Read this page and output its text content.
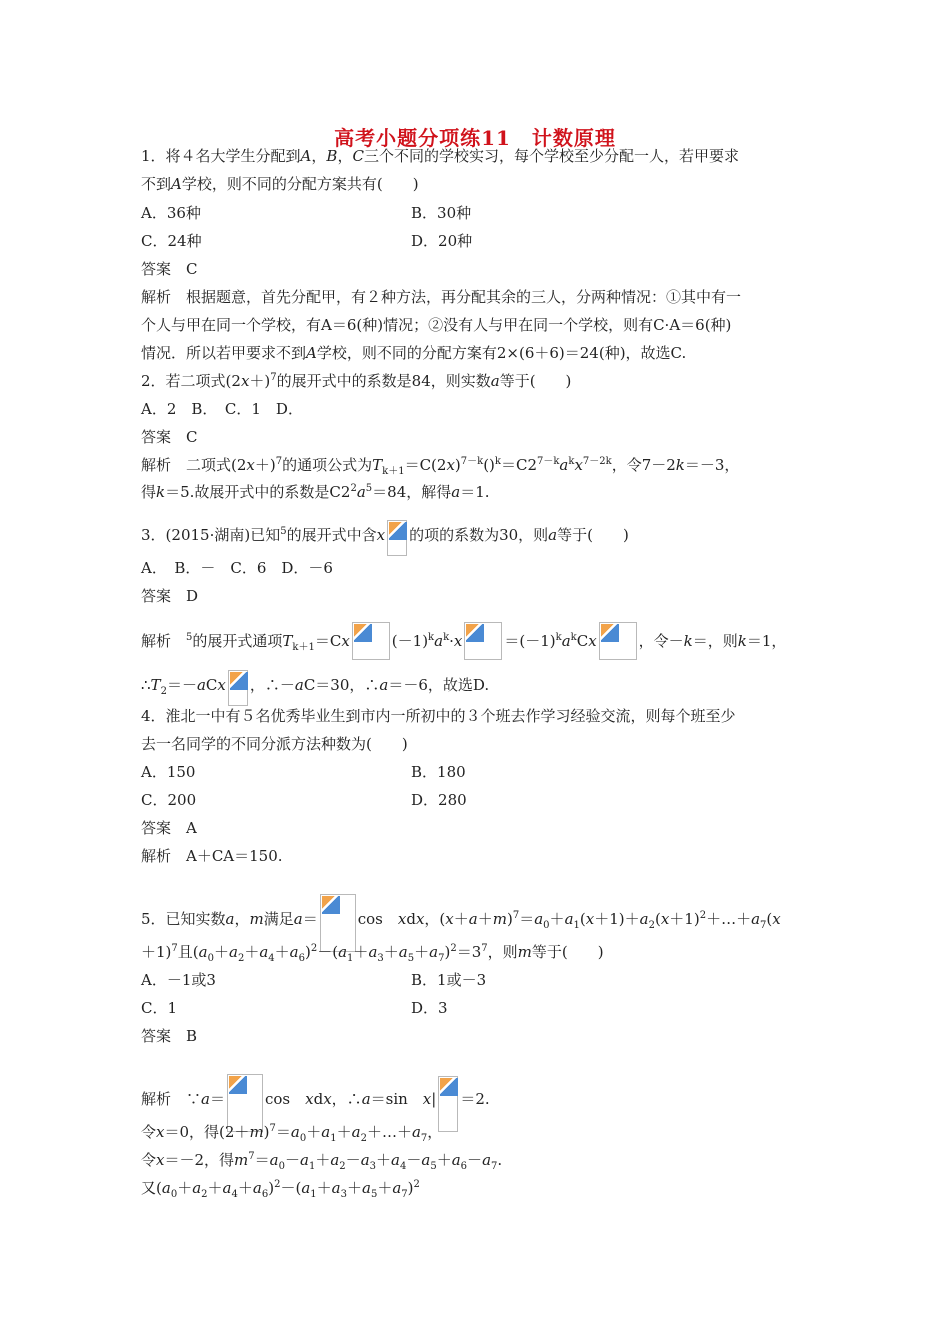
高考小题分项练11　计数原理
1．将４名大学生分配到A，B，C三个不同的学校实习，每个学校至少分配一人，若甲要求
不到A学校，则不同的分配方案共有(　　)
A．36种	B．30种
C．24种	D．20种
答案　C
解析　根据题意，首先分配甲，有２种方法，再分配其余的三人，分两种情况：①其中有一
个人与甲在同一个学校，有A＝6(种)情况；②没有人与甲在同一个学校，则有C·A＝6(种)
情况．所以若甲要求不到A学校，则不同的分配方案有2×(6＋6)＝24(种)，故选C.
2．若二项式$(2x+)^7$的展开式中的系数是84，则实数a等于(　　)
A．2　B．　C．1　D．
答案　C
解析　二项式$(2x+)^7$的通项公式为$T_{k+1}=C(2x)^{7-k}()^k=C2^{7-k}a^kx^{7-2k}$，令7－2k＝－3，
得k＝5.故展开式中的系数是$C2^2a^5=84$，解得a＝1.
3．(2015·湖南)已知$^5$的展开式中含x 的项的系数为30，则a等于(　　)
A．　B．－　C．6　D．－6
答案　D
解析　$^5$的展开式通项$T_{k+1}=Cx$	$(-1)^ka^k\cdot x$	$=(-1)^ka^kCx$	，令－k＝，则k＝1，
$\therefore T_2=-aCx$ ，∴－aC＝30，∴a＝－6，故选D.
4．淮北一中有５名优秀毕业生到市内一所初中的３个班去作学习经验交流，则每个班至少
去一名同学的不同分派方法种数为(　　)
A．150	B．180
C．200	D．280
答案　A
解析　A＋CA＝150.
5．已知实数a，m满足a＝	cos　xdx，$(x+a+m)^7=a_0+a_1(x+1)+a_2(x+1)^2+\dots+a_7(x$
＋1)$^7$且$(a_0+a_2+a_4+a_6)^2-(a_1+a_3+a_5+a_7)^2=3^7$，则m等于(　　)
A．－1或3	B．1或－3
C．1	D．3
答案　B
解析　∵a＝	cos　xdx，∴a＝sin　x| ＝2.
令x＝0，得$(2+m)^7=a_0+a_1+a_2+\dots+a_7$，
令x＝－2，得$m^7=a_0-a_1+a_2-a_3+a_4-a_5+a_6-a_7$.
又$(a_0+a_2+a_4+a_6)^2-(a_1+a_3+a_5+a_7)^2$
